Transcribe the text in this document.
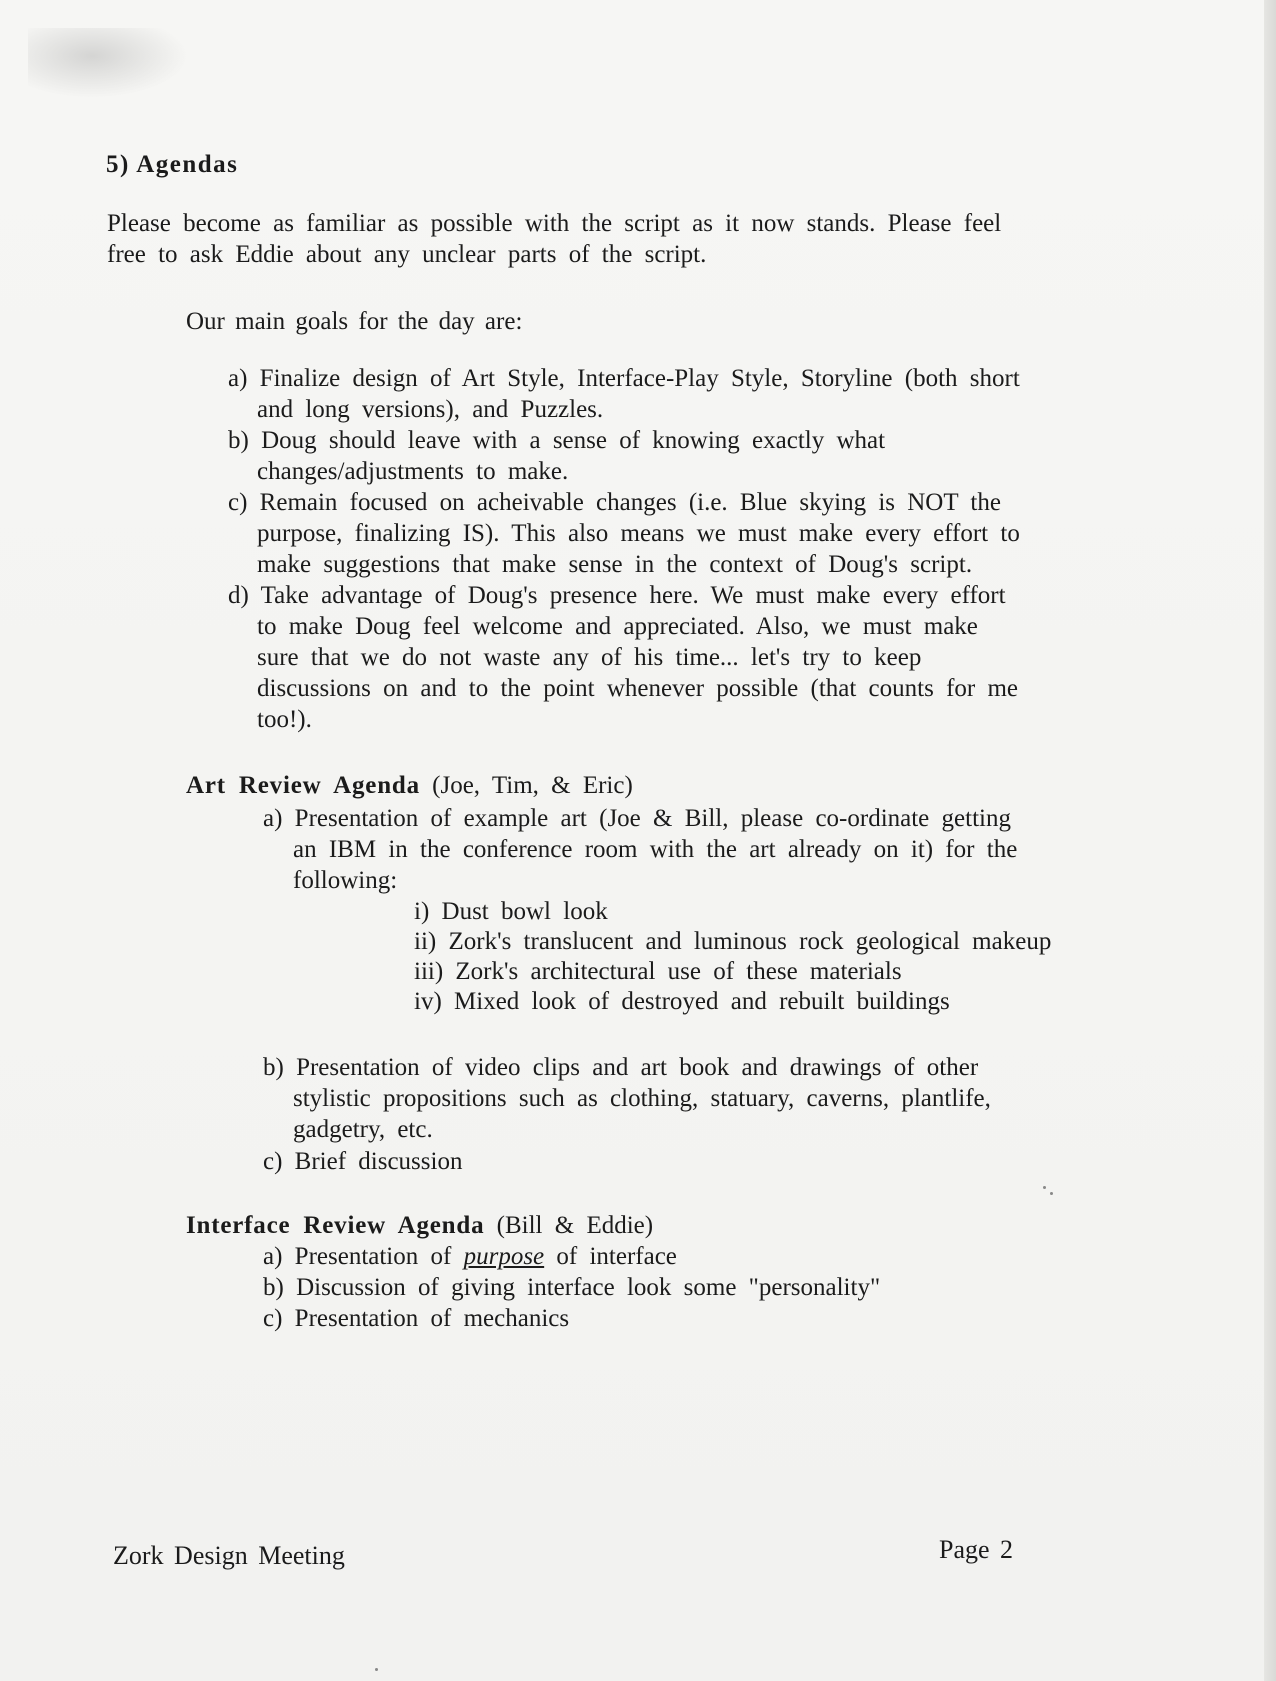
5) Agendas
Please become as familiar as possible with the script as it now stands. Please feel
free to ask Eddie about any unclear parts of the script.
Our main goals for the day are:
a) Finalize design of Art Style, Interface-Play Style, Storyline (both short
and long versions), and Puzzles.
b) Doug should leave with a sense of knowing exactly what
changes/adjustments to make.
c) Remain focused on acheivable changes (i.e. Blue skying is NOT the
purpose, finalizing IS). This also means we must make every effort to
make suggestions that make sense in the context of Doug's script.
d) Take advantage of Doug's presence here. We must make every effort
to make Doug feel welcome and appreciated. Also, we must make
sure that we do not waste any of his time... let's try to keep
discussions on and to the point whenever possible (that counts for me
too!).
Art Review Agenda (Joe, Tim, & Eric)
a) Presentation of example art (Joe & Bill, please co-ordinate getting
an IBM in the conference room with the art already on it) for the
following:
i) Dust bowl look
ii) Zork's translucent and luminous rock geological makeup
iii) Zork's architectural use of these materials
iv) Mixed look of destroyed and rebuilt buildings
b) Presentation of video clips and art book and drawings of other
stylistic propositions such as clothing, statuary, caverns, plantlife,
gadgetry, etc.
c) Brief discussion
Interface Review Agenda (Bill & Eddie)
a) Presentation of purpose of interface
b) Discussion of giving interface look some "personality"
c) Presentation of mechanics
Zork Design Meeting	Page 2
